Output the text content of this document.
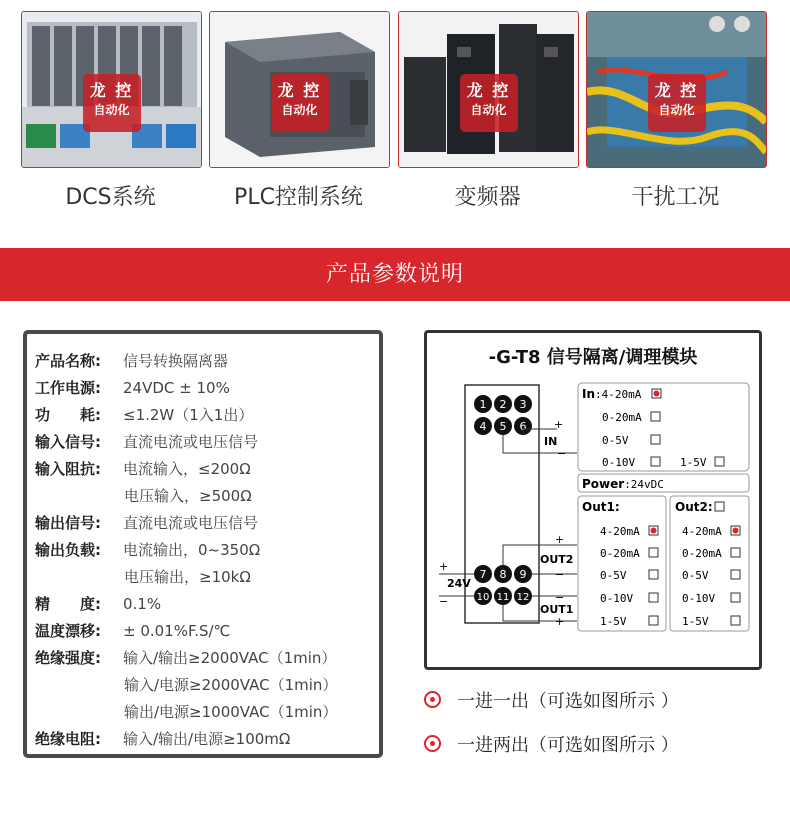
龙 控
自动化
龙 控
自动化
龙 控
自动化
龙 控
自动化
DCS系统	PLC控制系统	变频器	干扰工况
产品参数说明
产品名称: 信号转换隔离器
工作电源: 24VDC ± 10%
功　　耗: ≤1.2W（1入1出）
输入信号: 直流电流或电压信号
输入阻抗: 电流输入，≤200Ω
电压输入，≥500Ω
输出信号: 直流电流或电压信号
输出负载: 电流输出，0~350Ω
电压输出，≥10kΩ
精　　度: 0.1%
温度漂移: ± 0.01%F.S/℃
绝缘强度: 输入/输出≥2000VAC（1min）
输入/电源≥2000VAC（1min）
输出/电源≥1000VAC（1min）
绝缘电阻: 输入/输出/电源≥100mΩ
-G-T8 信号隔离/调理模块
1 2 3
4 5 6	+
IN
−
7 8 9
10 11 12
+
24V
−
+
OUT2
−
−
OUT1
+
In:4-20mA
0-20mA
0-5V
0-10V	1-5V
Power:24vDC
Out1:
4-20mA
0-20mA
0-5V
0-10V
1-5V
Out2:
4-20mA
0-20mA
0-5V
0-10V
1-5V
一进一出（可选如图所示 ）
一进两出（可选如图所示 ）
